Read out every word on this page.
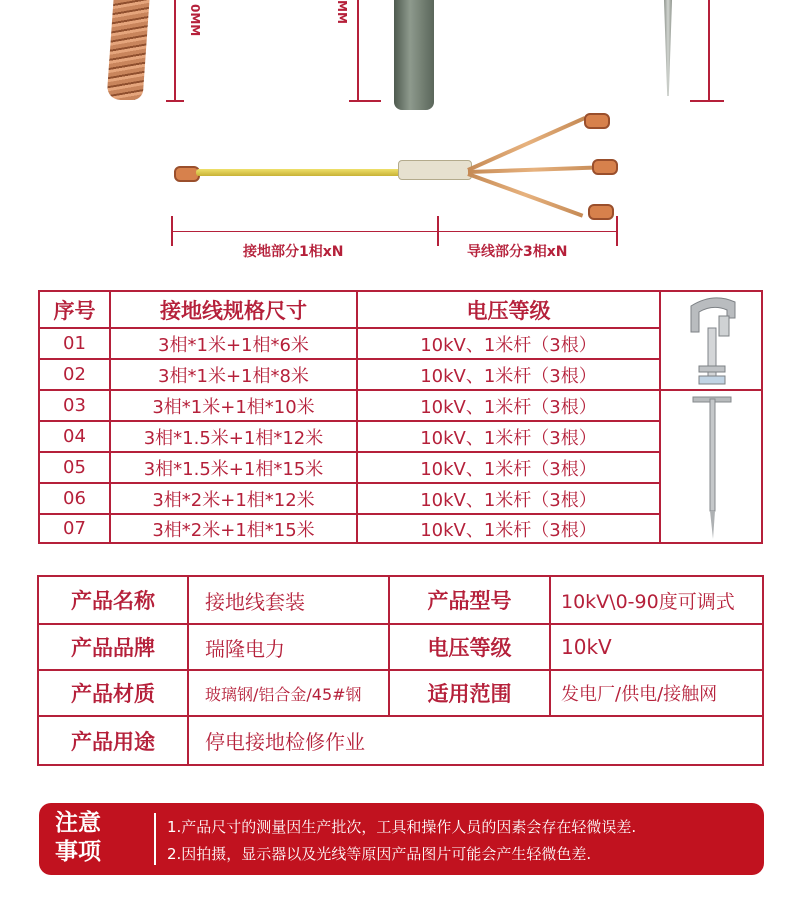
0MM	MM
接地部分1相xN	导线部分3相xN
序号	接地线规格尺寸	电压等级
01	3相*1米+1相*6米	10kV、1米杆（3根）
02	3相*1米+1相*8米	10kV、1米杆（3根）
03	3相*1米+1相*10米	10kV、1米杆（3根）
04	3相*1.5米+1相*12米	10kV、1米杆（3根）
05	3相*1.5米+1相*15米	10kV、1米杆（3根）
06	3相*2米+1相*12米	10kV、1米杆（3根）
07	3相*2米+1相*15米	10kV、1米杆（3根）
产品名称	接地线套装	产品型号	10kV\0-90度可调式
产品品牌	瑞隆电力	电压等级	10kV
产品材质	玻璃钢/铝合金/45#钢	适用范围	发电厂/供电/接触网
产品用途	停电接地检修作业
注意
事项
1.产品尺寸的测量因生产批次，工具和操作人员的因素会存在轻微误差.
2.因拍摄，显示器以及光线等原因产品图片可能会产生轻微色差.
